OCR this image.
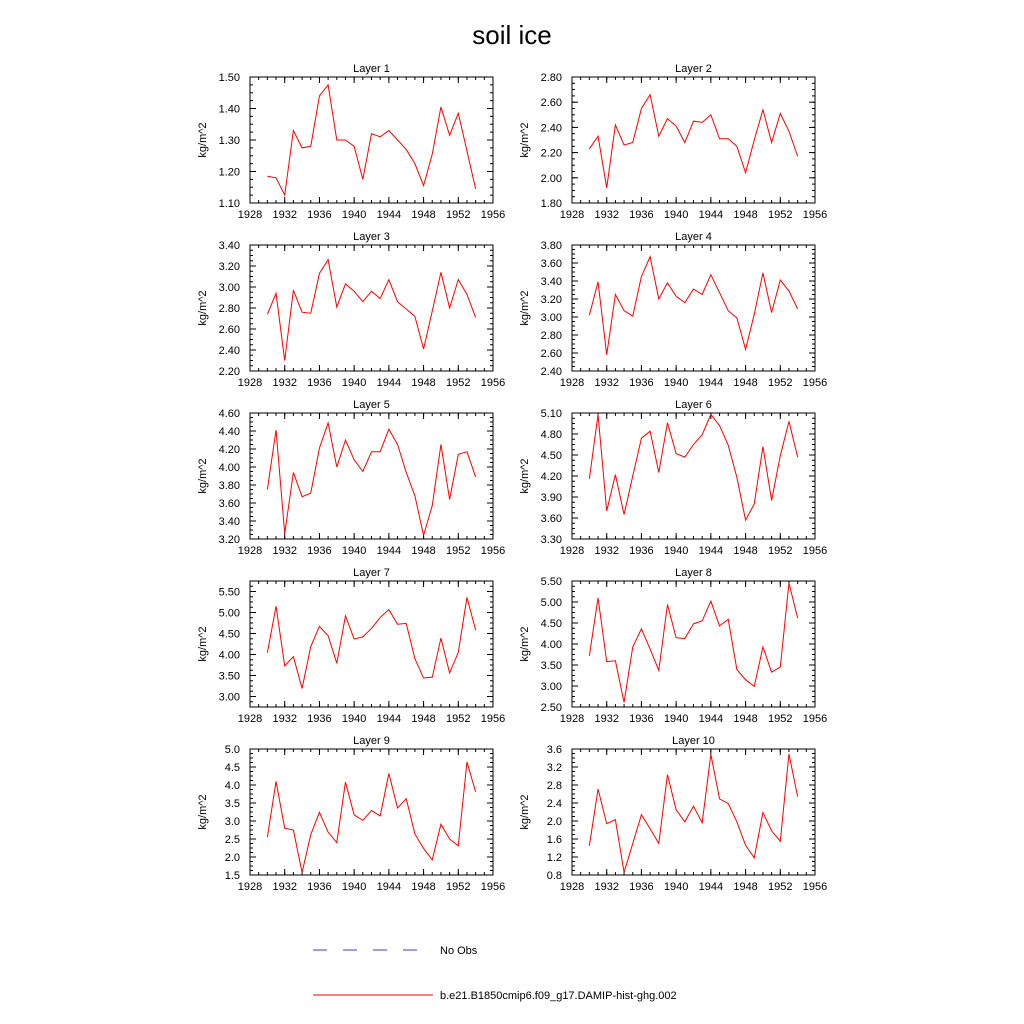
soil ice
Layer 1
1928 1932 1936 1940 1944 1948 1952 1956
1.10
1.20
1.30
1.40
1.50
kg/m^2
Layer 2
1928 1932 1936 1940 1944 1948 1952 1956
1.80
2.00
2.20
2.40
2.60
2.80
kg/m^2
Layer 3
1928 1932 1936 1940 1944 1948 1952 1956
2.20
2.40
2.60
2.80
3.00
3.20
3.40
kg/m^2
Layer 4
1928 1932 1936 1940 1944 1948 1952 1956
2.40
2.60
2.80
3.00
3.20
3.40
3.60
3.80
kg/m^2
Layer 5
1928 1932 1936 1940 1944 1948 1952 1956
3.20
3.40
3.60
3.80
4.00
4.20
4.40
4.60
kg/m^2
Layer 6
1928 1932 1936 1940 1944 1948 1952 1956
3.30
3.60
3.90
4.20
4.50
4.80
5.10
kg/m^2
Layer 7
1928 1932 1936 1940 1944 1948 1952 1956
3.00
3.50
4.00
4.50
5.00
5.50
kg/m^2
Layer 8
1928 1932 1936 1940 1944 1948 1952 1956
2.50
3.00
3.50
4.00
4.50
5.00
5.50
kg/m^2
Layer 9
1928 1932 1936 1940 1944 1948 1952 1956
1.5
2.0
2.5
3.0
3.5
4.0
4.5
5.0
kg/m^2
Layer 10
1928 1932 1936 1940 1944 1948 1952 1956
0.8
1.2
1.6
2.0
2.4
2.8
3.2
3.6
kg/m^2
No Obs
b.e21.B1850cmip6.f09_g17.DAMIP-hist-ghg.002
